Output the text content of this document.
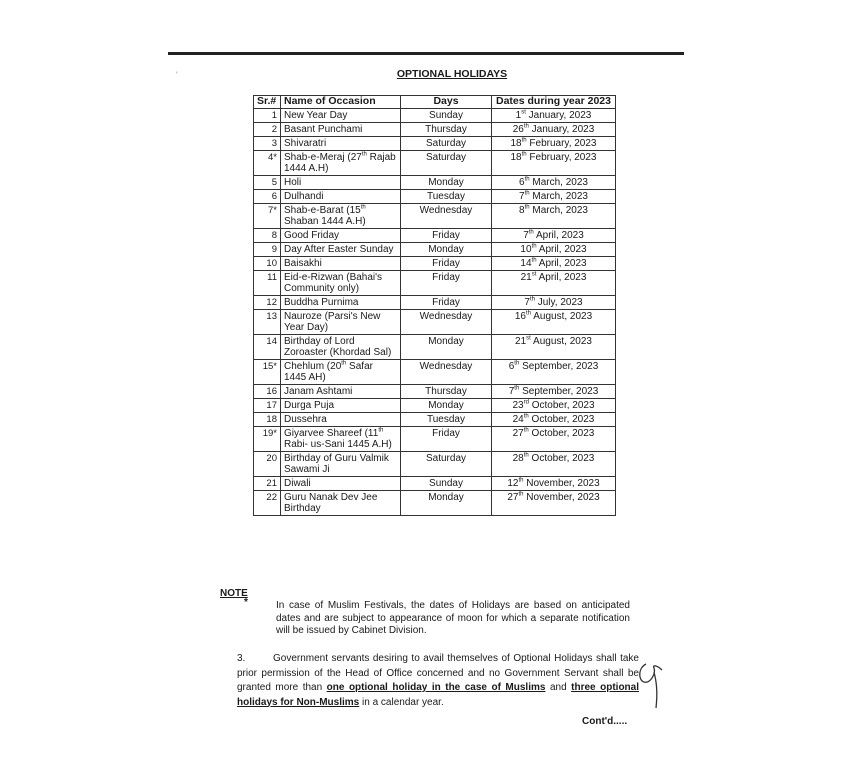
ʹ	OPTIONAL HOLIDAYS
Sr.#	Name of Occasion	Days	Dates during year 2023
1	New Year Day	Sunday	1st January, 2023
2	Basant Punchami	Thursday	26th January, 2023
3	Shivaratri	Saturday	18th February, 2023
4*	Shab-e-Meraj (27th Rajab 1444 A.H)	Saturday	18th February, 2023
5	Holi	Monday	6th March, 2023
6	Dulhandi	Tuesday	7th March, 2023
7*	Shab-e-Barat (15th Shaban 1444 A.H)	Wednesday	8th March, 2023
8	Good Friday	Friday	7th April, 2023
9	Day After Easter Sunday	Monday	10th April, 2023
10	Baisakhi	Friday	14th April, 2023
11	Eid-e-Rizwan (Bahai's Community only)	Friday	21st April, 2023
12	Buddha Purnima	Friday	7th July, 2023
13	Nauroze (Parsi's New Year Day)	Wednesday	16th August, 2023
14	Birthday of Lord Zoroaster (Khordad Sal)	Monday	21st August, 2023
15*	Chehlum (20th Safar 1445 AH)	Wednesday	6th September, 2023
16	Janam Ashtami	Thursday	7th September, 2023
17	Durga Puja	Monday	23rd October, 2023
18	Dussehra	Tuesday	24th October, 2023
19*	Giyarvee Shareef (11th Rabi- us-Sani 1445 A.H)	Friday	27th October, 2023
20	Birthday of Guru Valmik Sawami Ji	Saturday	28th October, 2023
21	Diwali	Sunday	12th November, 2023
22	Guru Nanak Dev Jee Birthday	Monday	27th November, 2023
NOTE
*	In case of Muslim Festivals, the dates of Holidays are based on anticipated dates and are subject to appearance of moon for which a separate notification will be issued by Cabinet Division.
3.	Government servants desiring to avail themselves of Optional Holidays shall take prior permission of the Head of Office concerned and no Government Servant shall be granted more than one optional holiday in the case of Muslims and three optional holidays for Non-Muslims in a calendar year.
Cont'd.....
